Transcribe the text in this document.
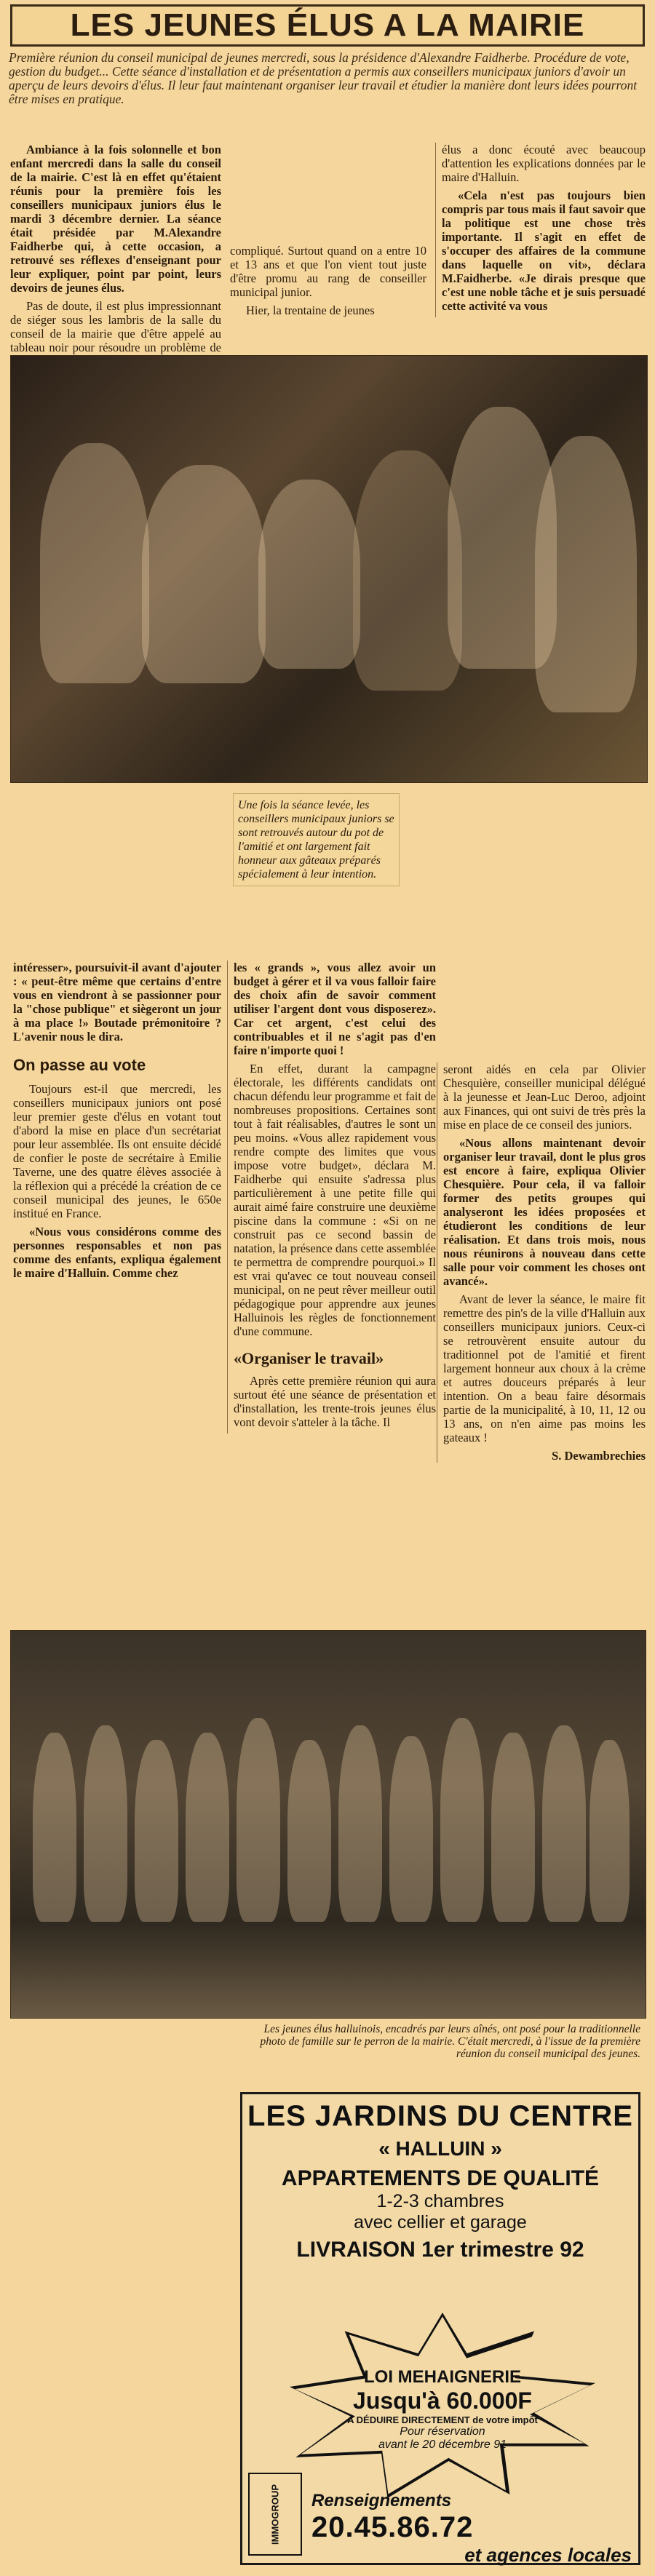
LES JEUNES ÉLUS A LA MAIRIE
Première réunion du conseil municipal de jeunes mercredi, sous la présidence d'Alexandre Faidherbe. Procédure de vote, gestion du budget... Cette séance d'installation et de présentation a permis aux conseillers municipaux juniors d'avoir un aperçu de leurs devoirs d'élus. Il leur faut maintenant organiser leur travail et étudier la manière dont leurs idées pourront être mises en pratique.

Ambiance à la fois solonnelle et bon enfant mercredi dans la salle du conseil de la mairie. C'est là en effet qu'étaient réunis pour la première fois les conseillers municipaux juniors élus le mardi 3 décembre dernier. La séance était présidée par M.Alexandre Faidherbe qui, à cette occasion, a retrouvé ses réflexes d'enseignant pour leur expliquer, point par point, leurs devoirs de jeunes élus.

Pas de doute, il est plus impressionnant de siéger sous les lambris de la salle du conseil de la mairie que d'être appelé au tableau noir pour résoudre un problème de

compliqué. Surtout quand on a entre 10 et 13 ans et que l'on vient tout juste d'être promu au rang de conseiller municipal junior.

Hier, la trentaine de jeunes

élus a donc écouté avec beaucoup d'attention les explications données par le maire d'Halluin.

«Cela n'est pas toujours bien compris par tous mais il faut savoir que la politique est une chose très importante. Il s'agit en effet de s'occuper des affaires de la commune dans laquelle on vit», déclara M.Faidherbe. «Je dirais presque que c'est une noble tâche et je suis persuadé cette activité va vous

Une fois la séance levée, les conseillers municipaux juniors se sont retrouvés autour du pot de l'amitié et ont largement fait honneur aux gâteaux préparés spécialement à leur intention.

intéresser», poursuivit-il avant d'ajouter : « peut-être même que certains d'entre vous en viendront à se passionner pour la "chose publique" et siègeront un jour à ma place !» Boutade prémonitoire ? L'avenir nous le dira.

On passe au vote

Toujours est-il que mercredi, les conseillers municipaux juniors ont posé leur premier geste d'élus en votant tout d'abord la mise en place d'un secrétariat pour leur assemblée. Ils ont ensuite décidé de confier le poste de secrétaire à Emilie Taverne, une des quatre élèves associée à la réflexion qui a précédé la création de ce conseil municipal des jeunes, le 650e institué en France.

«Nous vous considérons comme des personnes responsables et non pas comme des enfants, expliqua également le maire d'Halluin. Comme chez

les « grands », vous allez avoir un budget à gérer et il va vous falloir faire des choix afin de savoir comment utiliser l'argent dont vous disposerez». Car cet argent, c'est celui des contribuables et il ne s'agit pas d'en faire n'importe quoi !

En effet, durant la campagne électorale, les différents candidats ont chacun défendu leur programme et fait de nombreuses propositions. Certaines sont tout à fait réalisables, d'autres le sont un peu moins. «Vous allez rapidement vous rendre compte des limites que vous impose votre budget», déclara M. Faidherbe qui ensuite s'adressa plus particulièrement à une petite fille qui aurait aimé faire construire une deuxième piscine dans la commune : «Si on ne construit pas ce second bassin de natation, la présence dans cette assemblée te permettra de comprendre pourquoi.» Il est vrai qu'avec ce tout nouveau conseil municipal, on ne peut rêver meilleur outil pédagogique pour apprendre aux jeunes Halluinois les règles de fonctionnement d'une commune.

«Organiser le travail»

Après cette première réunion qui aura surtout été une séance de présentation et d'installation, les trente-trois jeunes élus vont devoir s'atteler à la tâche. Il

seront aidés en cela par Olivier Chesquière, conseiller municipal délégué à la jeunesse et Jean-Luc Deroo, adjoint aux Finances, qui ont suivi de très près la mise en place de ce conseil des juniors.

«Nous allons maintenant devoir organiser leur travail, dont le plus gros est encore à faire, expliqua Olivier Chesquière. Pour cela, il va falloir former des petits groupes qui analyseront les idées proposées et étudieront les conditions de leur réalisation. Et dans trois mois, nous nous réunirons à nouveau dans cette salle pour voir comment les choses ont avancé».

Avant de lever la séance, le maire fit remettre des pin's de la ville d'Halluin aux conseillers municipaux juniors. Ceux-ci se retrouvèrent ensuite autour du traditionnel pot de l'amitié et firent largement honneur aux choux à la crème et autres douceurs préparés à leur intention. On a beau faire désormais partie de la municipalité, à 10, 11, 12 ou 13 ans, on n'en aime pas moins les gateaux !

S. Dewambrechies
Les jeunes élus halluinois, encadrés par leurs aînés, ont posé pour la traditionnelle photo de famille sur le perron de la mairie. C'était mercredi, à l'issue de la première réunion du conseil municipal des jeunes.
LES JARDINS DU CENTRE
« HALLUIN »
APPARTEMENTS DE QUALITÉ
1-2-3 chambres
avec cellier et garage
LIVRAISON 1er trimestre 92
LOI MEHAIGNERIE
Jusqu'à 60.000F
A DÉDUIRE DIRECTEMENT de votre impôt
Pour réservation
avant le 20 décembre 91
IMMOGROUP	Renseignements
20.45.86.72
et agences locales
